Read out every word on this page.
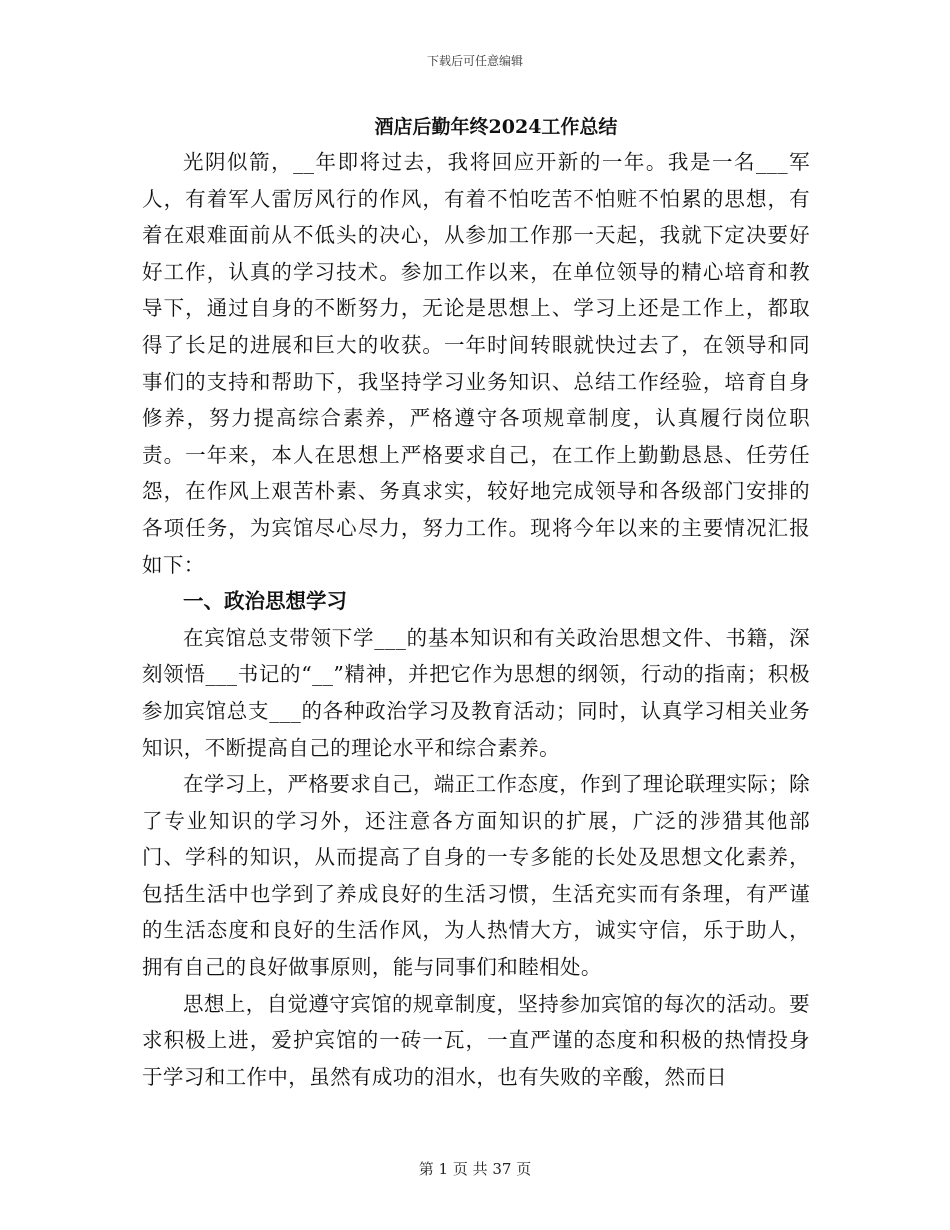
下载后可任意编辑
酒店后勤年终2024工作总结

光阴似箭，__年即将过去，我将回应开新的一年。我是一名___军人，有着军人雷厉风行的作风，有着不怕吃苦不怕赃不怕累的思想，有着在艰难面前从不低头的决心，从参加工作那一天起，我就下定决要好好工作，认真的学习技术。参加工作以来，在单位领导的精心培育和教导下，通过自身的不断努力，无论是思想上、学习上还是工作上，都取得了长足的进展和巨大的收获。一年时间转眼就快过去了，在领导和同事们的支持和帮助下，我坚持学习业务知识、总结工作经验，培育自身修养，努力提高综合素养，严格遵守各项规章制度，认真履行岗位职责。一年来，本人在思想上严格要求自己，在工作上勤勤恳恳、任劳任怨，在作风上艰苦朴素、务真求实，较好地完成领导和各级部门安排的各项任务，为宾馆尽心尽力，努力工作。现将今年以来的主要情况汇报如下：

一、政治思想学习

在宾馆总支带领下学___的基本知识和有关政治思想文件、书籍，深刻领悟___书记的“__”精神，并把它作为思想的纲领，行动的指南；积极参加宾馆总支___的各种政治学习及教育活动；同时，认真学习相关业务知识，不断提高自己的理论水平和综合素养。

在学习上，严格要求自己，端正工作态度，作到了理论联理实际；除了专业知识的学习外，还注意各方面知识的扩展，广泛的涉猎其他部门、学科的知识，从而提高了自身的一专多能的长处及思想文化素养，包括生活中也学到了养成良好的生活习惯，生活充实而有条理，有严谨的生活态度和良好的生活作风，为人热情大方，诚实守信，乐于助人，拥有自己的良好做事原则，能与同事们和睦相处。

思想上，自觉遵守宾馆的规章制度，坚持参加宾馆的每次的活动。要求积极上进，爱护宾馆的一砖一瓦，一直严谨的态度和积极的热情投身于学习和工作中，虽然有成功的泪水，也有失败的辛酸，然而日

第 1 页 共 37 页
